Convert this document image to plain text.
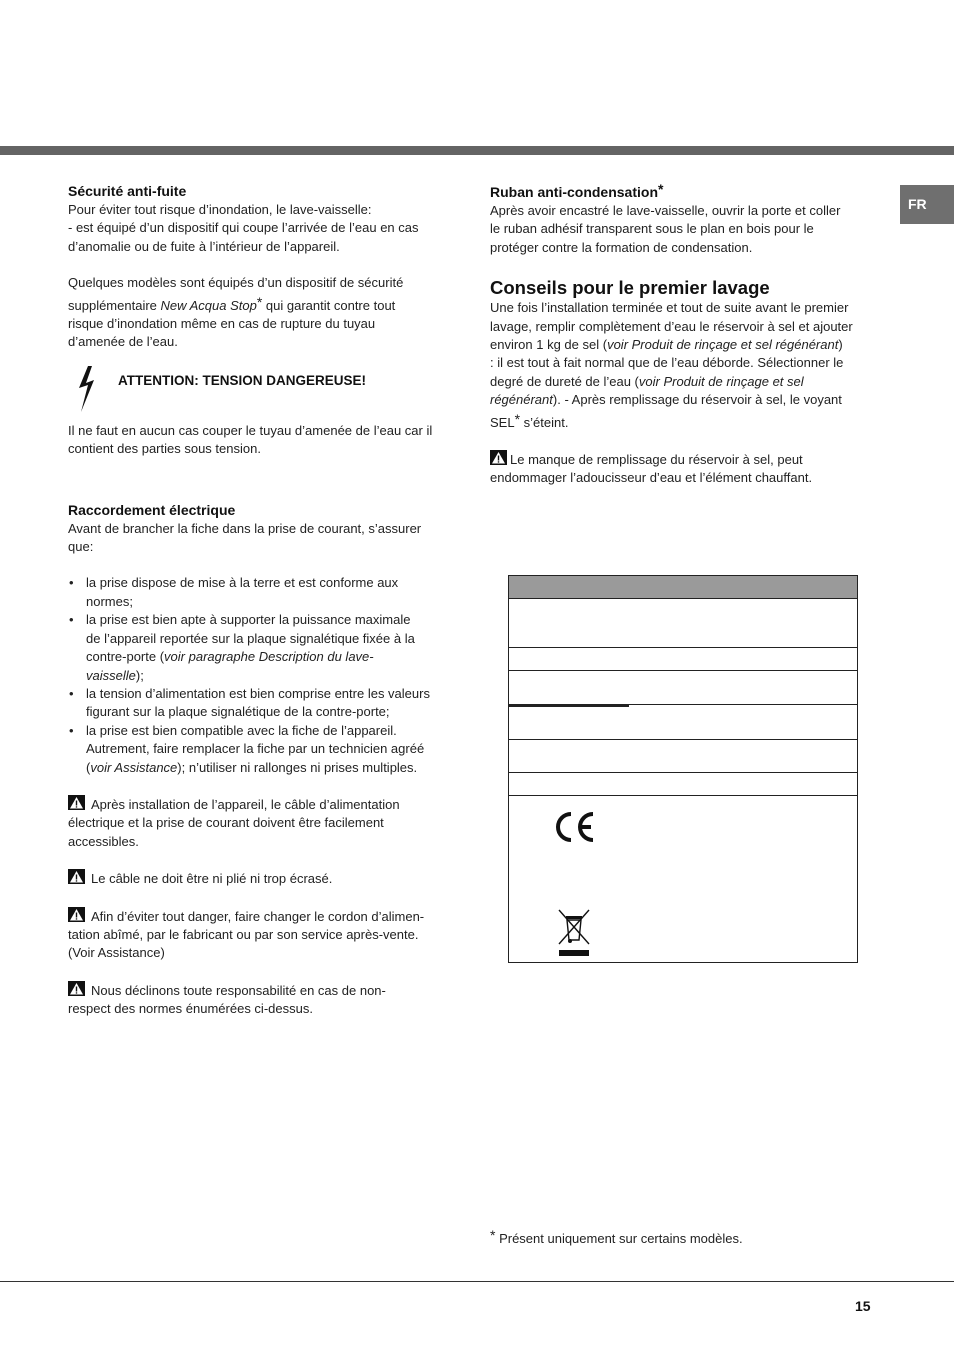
FR
Sécurité anti-fuite

Pour éviter tout risque d’inondation, le lave-vaisselle:

- est équipé d’un dispositif qui coupe l’arrivée de l’eau en cas

d’anomalie ou de fuite à l’intérieur de l’appareil.

Quelques modèles sont équipés d’un dispositif de sécurité

supplémentaire New Acqua Stop* qui garantit contre tout

risque d’inondation même en cas de rupture du tuyau

d’amenée de l’eau.

ATTENTION: TENSION DANGEREUSE!

Il ne faut en aucun cas couper le tuyau d’amenée de l’eau car il

contient des parties sous tension.

Raccordement électrique

Avant de brancher la fiche dans la prise de courant, s’assurer

que:

• la prise dispose de mise à la terre et est conforme aux
normes;
• la prise est bien apte à supporter la puissance maximale
de l’appareil reportée sur la plaque signalétique fixée à la
contre-porte (voir paragraphe Description du lave-
vaisselle);
• la tension d’alimentation est bien comprise entre les valeurs
figurant sur la plaque signalétique de la contre-porte;
• la prise est bien compatible avec la fiche de l’appareil.
Autrement, faire remplacer la fiche par un technicien agréé
(voir Assistance); n’utiliser ni rallonges ni prises multiples.

Après installation de l’appareil, le câble d’alimentation

électrique et la prise de courant doivent être facilement

accessibles.

Le câble ne doit être ni plié ni trop écrasé.

Afin d’éviter tout danger, faire changer le cordon d’alimen-

tation abîmé, par le fabricant ou par son service après-vente.

(Voir Assistance)

Nous déclinons toute responsabilité en cas de non-

respect des normes énumérées ci-dessus.

Ruban anti-condensation*

Après avoir encastré le lave-vaisselle, ouvrir la porte et coller

le ruban adhésif transparent sous le plan en bois pour le

protéger contre la formation de condensation.

Conseils pour le premier lavage

Une fois l’installation terminée et tout de suite avant le premier

lavage, remplir complètement d’eau le réservoir à sel et ajouter

environ 1 kg de sel (voir Produit de rinçage et sel régénérant)

: il est tout à fait normal que de l’eau déborde. Sélectionner le

degré de dureté de l’eau (voir Produit de rinçage et sel

régénérant). - Après remplissage du réservoir à sel, le voyant

SEL* s’éteint.

Le manque de remplissage du réservoir à sel, peut

endommager l’adoucisseur d’eau et l’élément chauffant.

* Présent uniquement sur certains modèles.
15
